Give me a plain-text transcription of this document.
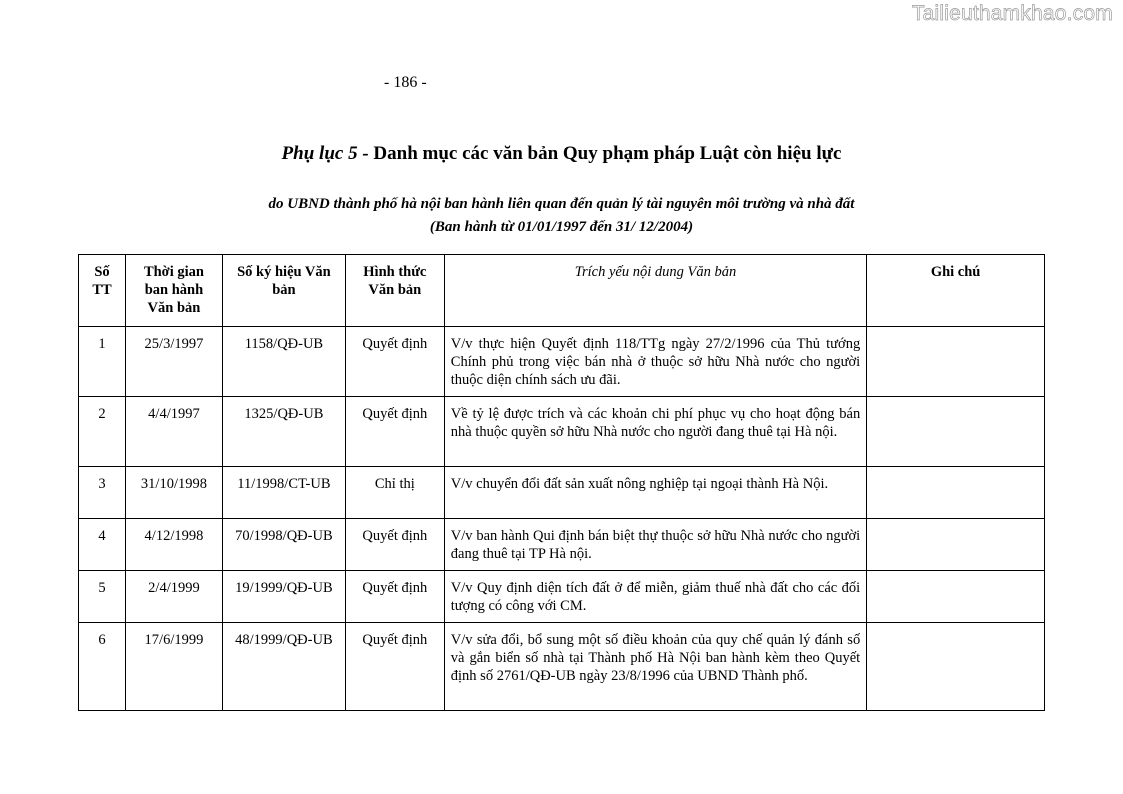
Tailieuthamkhao.com
- 186 -
Phụ lục 5 - Danh mục các văn bản Quy phạm pháp Luật còn hiệu lực
do UBND thành phố hà nội ban hành liên quan đến quản lý tài nguyên môi trường và nhà đất
(Ban hành từ 01/01/1997 đến 31/ 12/2004)
Số TT	Thời gian ban hành Văn bản	Số ký hiệu Văn bản	Hình thức Văn bản	Trích yếu nội dung Văn bản	Ghi chú
1	25/3/1997	1158/QĐ-UB	Quyết định	V/v thực hiện Quyết định 118/TTg ngày 27/2/1996 của Thủ tướng Chính phủ trong việc bán nhà ở thuộc sở hữu Nhà nước cho người thuộc diện chính sách ưu đãi.	
2	4/4/1997	1325/QĐ-UB	Quyết định	Về tỷ lệ được trích và các khoản chi phí phục vụ cho hoạt động bán nhà thuộc quyền sở hữu Nhà nước cho người đang thuê tại Hà nội.	
3	31/10/1998	11/1998/CT-UB	Chỉ thị	V/v chuyển đổi đất sản xuất nông nghiệp tại ngoại thành Hà Nội.	
4	4/12/1998	70/1998/QĐ-UB	Quyết định	V/v ban hành Qui định bán biệt thự thuộc sở hữu Nhà nước cho người đang thuê tại TP Hà nội.	
5	2/4/1999	19/1999/QĐ-UB	Quyết định	V/v Quy định diện tích đất ở để miễn, giảm thuế nhà đất cho các đối tượng có công với CM.	
6	17/6/1999	48/1999/QĐ-UB	Quyết định	V/v sửa đổi, bổ sung một số điều khoản của quy chế quản lý đánh số và gắn biển số nhà tại Thành phố Hà Nội ban hành kèm theo Quyết định số 2761/QĐ-UB ngày 23/8/1996 của UBND Thành phố.	
